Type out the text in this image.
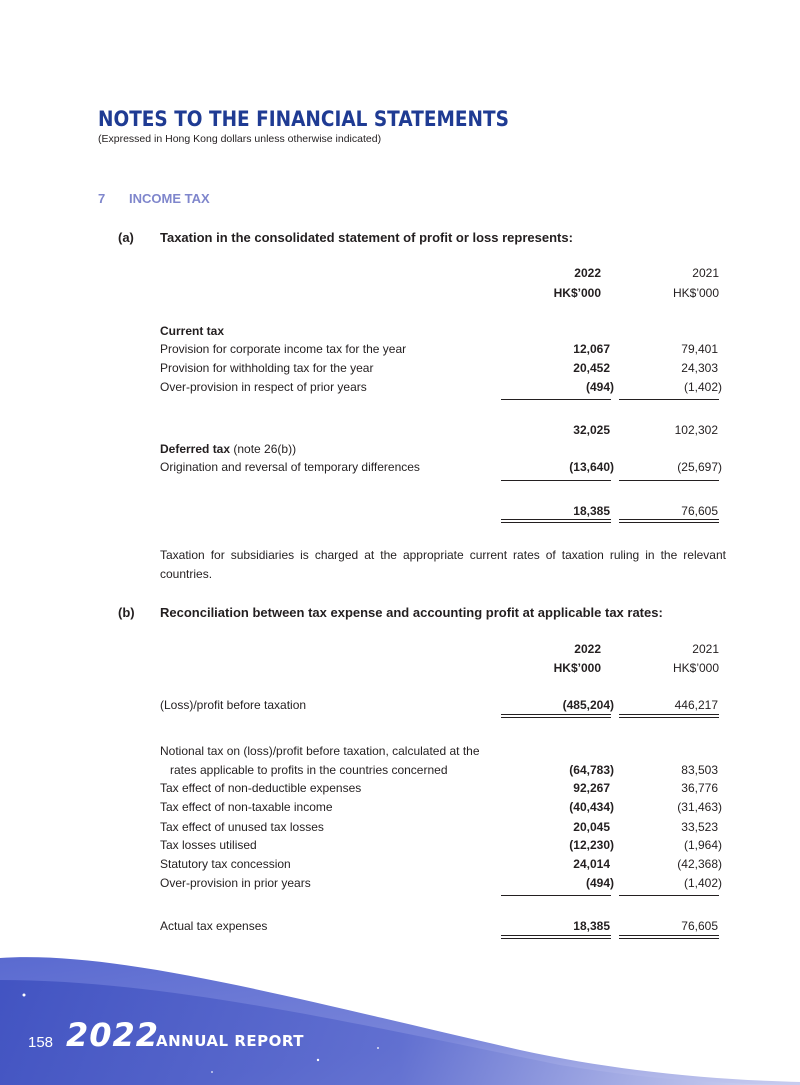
NOTES TO THE FINANCIAL STATEMENTS
(Expressed in Hong Kong dollars unless otherwise indicated)
7 INCOME TAX
(a) Taxation in the consolidated statement of profit or loss represents:
2022	2021
HK$’000	HK$’000
Current tax
Provision for corporate income tax for the year	12,067	79,401
Provision for withholding tax for the year	20,452	24,303
Over-provision in respect of prior years	(494)	(1,402)
32,025	102,302
Deferred tax (note 26(b))
Origination and reversal of temporary differences	(13,640)	(25,697)
18,385	76,605

Taxation for subsidiaries is charged at the appropriate current rates of taxation ruling in the relevant countries.

(b) Reconciliation between tax expense and accounting profit at applicable tax rates:
2022	2021
HK$’000	HK$’000
(Loss)/profit before taxation	(485,204)	446,217
Notional tax on (loss)/profit before taxation, calculated at the
rates applicable to profits in the countries concerned	(64,783)	83,503
Tax effect of non-deductible expenses	92,267	36,776
Tax effect of non-taxable income	(40,434)	(31,463)
Tax effect of unused tax losses	20,045	33,523
Tax losses utilised	(12,230)	(1,964)
Statutory tax concession	24,014	(42,368)
Over-provision in prior years	(494)	(1,402)
Actual tax expenses	18,385	76,605
158 2022
ANNUAL REPORT
